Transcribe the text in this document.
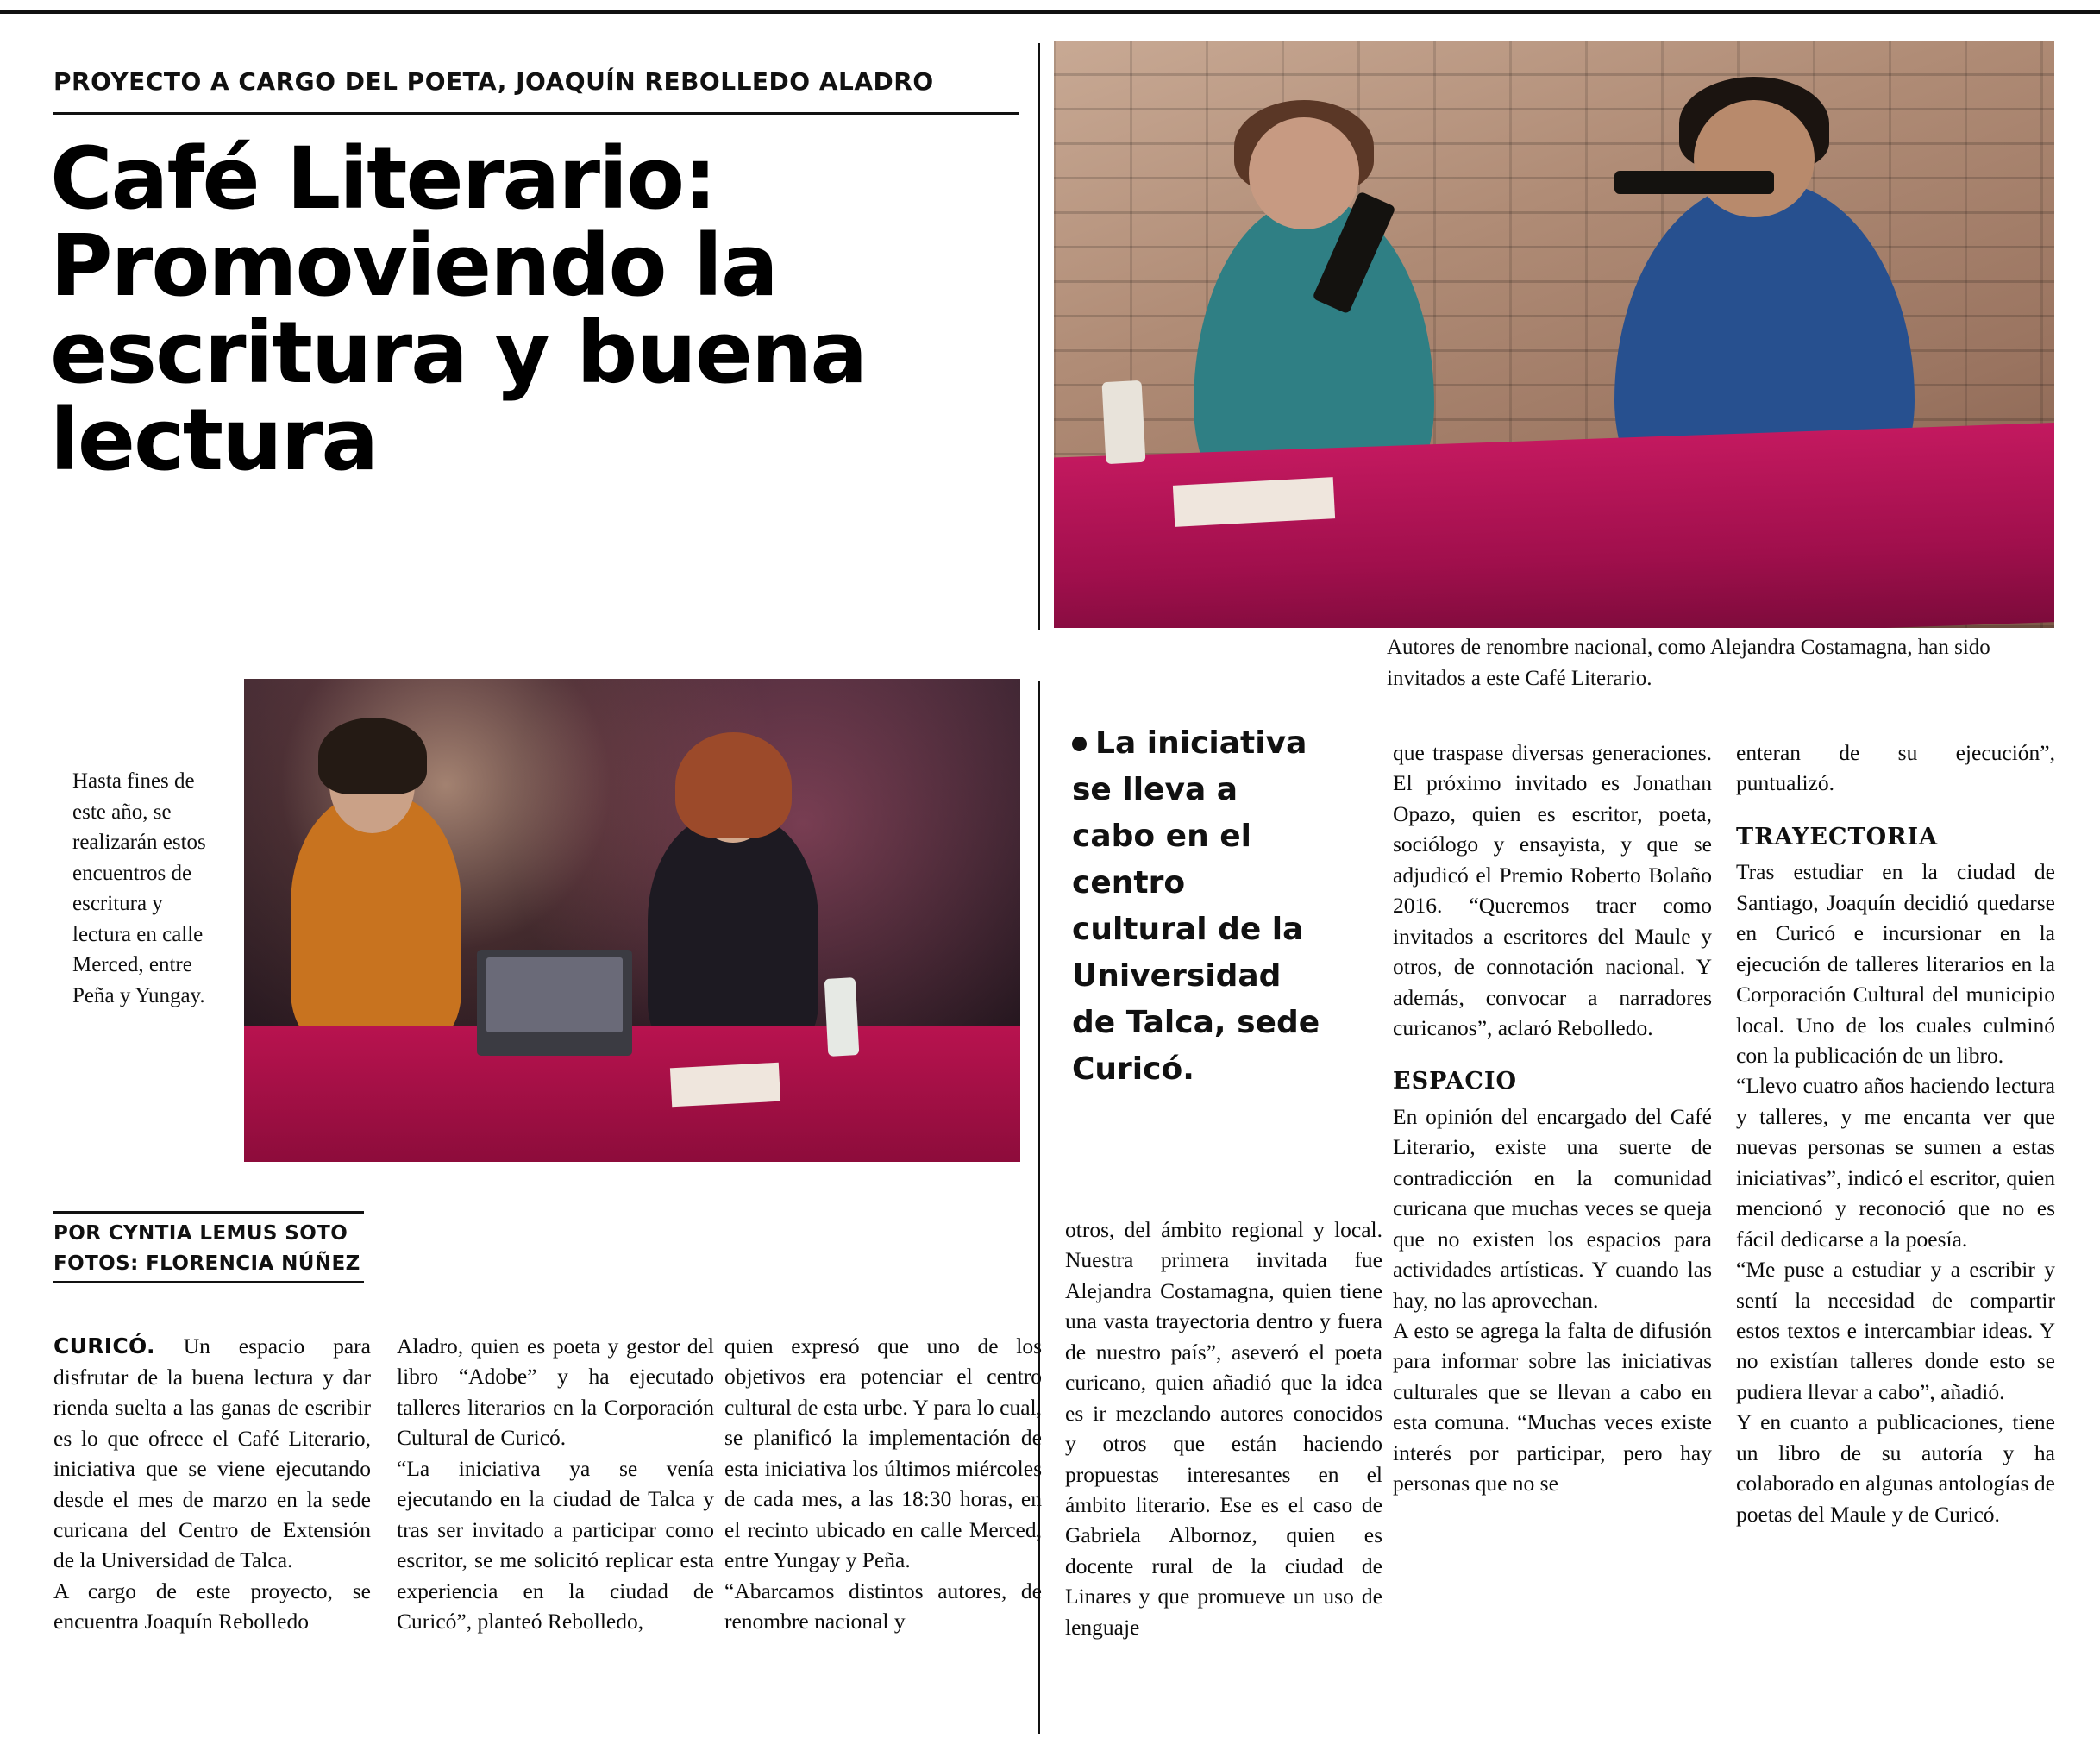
PROYECTO A CARGO DEL POETA, JOAQUÍN REBOLLEDO ALADRO
Café Literario: Promoviendo la escritura y buena lectura
Autores de renombre nacional, como Alejandra Costamagna, han sido invitados a este Café Literario.
Hasta fines de este año, se realizarán estos encuentros de escritura y lectura en calle Merced, entre Peña y Yungay.
POR CYNTIA LEMUS SOTO
FOTOS: FLORENCIA NÚÑEZ
La iniciativa se lleva a cabo en el centro cultural de la Universidad de Talca, sede Curicó.

CURICÓ. Un espacio para disfrutar de la buena lectura y dar rienda suelta a las ganas de escribir es lo que ofrece el Café Literario, iniciativa que se viene ejecutando desde el mes de marzo en la sede curicana del Centro de Extensión de la Universidad de Talca.

A cargo de este proyecto, se encuentra Joaquín Rebolledo

Aladro, quien es poeta y gestor del libro “Adobe” y ha ejecutado talleres literarios en la Corporación Cultural de Curicó.

“La iniciativa ya se venía ejecutando en la ciudad de Talca y tras ser invitado a participar como escritor, se me solicitó replicar esta experiencia en la ciudad de Curicó”, planteó Rebolledo,

quien expresó que uno de los objetivos era potenciar el centro cultural de esta urbe. Y para lo cual, se planificó la implementación de esta iniciativa los últimos miércoles de cada mes, a las 18:30 horas, en el recinto ubicado en calle Merced, entre Yungay y Peña.

“Abarcamos distintos autores, de renombre nacional y

otros, del ámbito regional y local. Nuestra primera invitada fue Alejandra Costamagna, quien tiene una vasta trayectoria dentro y fuera de nuestro país”, aseveró el poeta curicano, quien añadió que la idea es ir mezclando autores conocidos y otros que están haciendo propuestas interesantes en el ámbito literario. Ese es el caso de Gabriela Albornoz, quien es docente rural de la ciudad de Linares y que promueve un uso de lenguaje

que traspase diversas generaciones. El próximo invitado es Jonathan Opazo, quien es escritor, poeta, sociólogo y ensayista, y que se adjudicó el Premio Roberto Bolaño 2016. “Queremos traer como invitados a escritores del Maule y otros, de connotación nacional. Y además, convocar a narradores curicanos”, aclaró Rebolledo.

ESPACIO

En opinión del encargado del Café Literario, existe una suerte de contradicción en la comunidad curicana que muchas veces se queja que no existen los espacios para actividades artísticas. Y cuando las hay, no las aprovechan.

A esto se agrega la falta de difusión para informar sobre las iniciativas culturales que se llevan a cabo en esta comuna. “Muchas veces existe interés por participar, pero hay personas que no se

enteran de su ejecución”, puntualizó.

TRAYECTORIA

Tras estudiar en la ciudad de Santiago, Joaquín decidió quedarse en Curicó e incursionar en la ejecución de talleres literarios en la Corporación Cultural del municipio local. Uno de los cuales culminó con la publicación de un libro.

“Llevo cuatro años haciendo lectura y talleres, y me encanta ver que nuevas personas se sumen a estas iniciativas”, indicó el escritor, quien mencionó y reconoció que no es fácil dedicarse a la poesía.

“Me puse a estudiar y a escribir y sentí la necesidad de compartir estos textos e intercambiar ideas. Y no existían talleres donde esto se pudiera llevar a cabo”, añadió.

Y en cuanto a publicaciones, tiene un libro de su autoría y ha colaborado en algunas antologías de poetas del Maule y de Curicó.
